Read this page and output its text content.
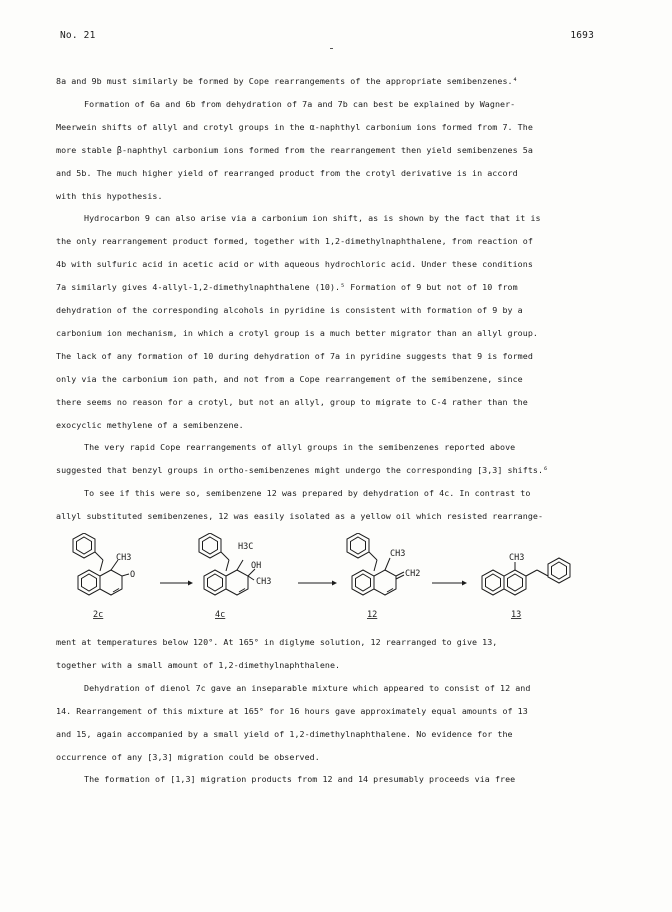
No. 21	1693
8a and 9b must similarly be formed by Cope rearrangements of the appropriate semibenzenes.⁴
Formation of 6a and 6b from dehydration of 7a and 7b can best be explained by Wagner-
Meerwein shifts of allyl and crotyl groups in the α-naphthyl carbonium ions formed from 7. The
more stable β-naphthyl carbonium ions formed from the rearrangement then yield semibenzenes 5a
and 5b. The much higher yield of rearranged product from the crotyl derivative is in accord
with this hypothesis.
Hydrocarbon 9 can also arise via a carbonium ion shift, as is shown by the fact that it is
the only rearrangement product formed, together with 1,2-dimethylnaphthalene, from reaction of
4b with sulfuric acid in acetic acid or with aqueous hydrochloric acid. Under these conditions
7a similarly gives 4-allyl-1,2-dimethylnaphthalene (10).⁵ Formation of 9 but not of 10 from
dehydration of the corresponding alcohols in pyridine is consistent with formation of 9 by a
carbonium ion mechanism, in which a crotyl group is a much better migrator than an allyl group.
The lack of any formation of 10 during dehydration of 7a in pyridine suggests that 9 is formed
only via the carbonium ion path, and not from a Cope rearrangement of the semibenzene, since
there seems no reason for a crotyl, but not an allyl, group to migrate to C-4 rather than the
exocyclic methylene of a semibenzene.
The very rapid Cope rearrangements of allyl groups in the semibenzenes reported above
suggested that benzyl groups in ortho-semibenzenes might undergo the corresponding [3,3] shifts.⁶
To see if this were so, semibenzene 12 was prepared by dehydration of 4c. In contrast to
allyl substituted semibenzenes, 12 was easily isolated as a yellow oil which resisted rearrange-
CH3
O
2c
H3C
OH
CH3
4c
CH3
CH2
12
CH3
13
ment at temperatures below 120°. At 165° in diglyme solution, 12 rearranged to give 13,
together with a small amount of 1,2-dimethylnaphthalene.
Dehydration of dienol 7c gave an inseparable mixture which appeared to consist of 12 and
14. Rearrangement of this mixture at 165° for 16 hours gave approximately equal amounts of 13
and 15, again accompanied by a small yield of 1,2-dimethylnaphthalene. No evidence for the
occurrence of any [3,3] migration could be observed.
The formation of [1,3] migration products from 12 and 14 presumably proceeds via free
